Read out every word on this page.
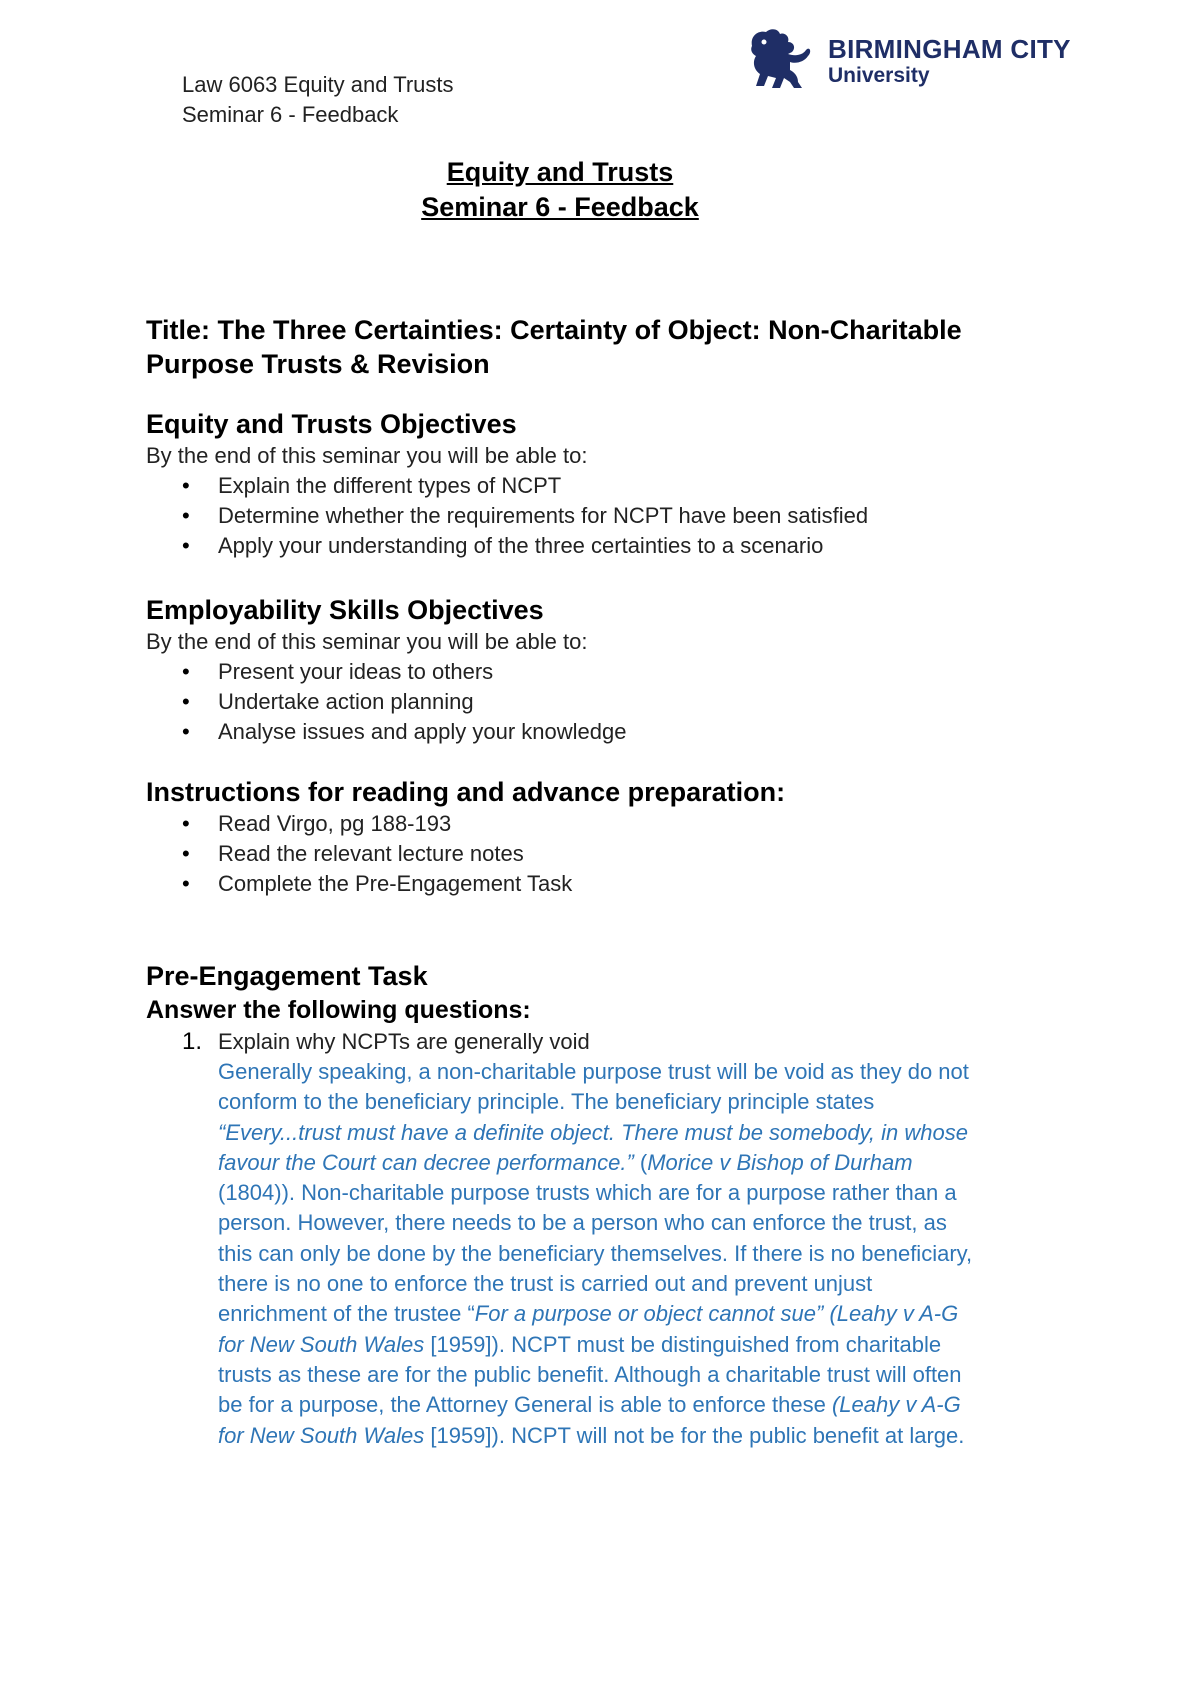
Law 6063 Equity and Trusts
Seminar 6 - Feedback
BIRMINGHAM CITY
University
Equity and Trusts
Seminar 6 - Feedback
Title: The Three Certainties: Certainty of Object: Non-Charitable
Purpose Trusts & Revision
Equity and Trusts Objectives
By the end of this seminar you will be able to:
• Explain the different types of NCPT
• Determine whether the requirements for NCPT have been satisfied
• Apply your understanding of the three certainties to a scenario
Employability Skills Objectives
By the end of this seminar you will be able to:
• Present your ideas to others
• Undertake action planning
• Analyse issues and apply your knowledge
Instructions for reading and advance preparation:
• Read Virgo, pg 188-193
• Read the relevant lecture notes
• Complete the Pre-Engagement Task
Pre-Engagement Task
Answer the following questions:
1. Explain why NCPTs are generally void
Generally speaking, a non-charitable purpose trust will be void as they do not
conform to the beneficiary principle. The beneficiary principle states
“Every...trust must have a definite object. There must be somebody, in whose
favour the Court can decree performance.” (Morice v Bishop of Durham
(1804)). Non-charitable purpose trusts which are for a purpose rather than a
person. However, there needs to be a person who can enforce the trust, as
this can only be done by the beneficiary themselves. If there is no beneficiary,
there is no one to enforce the trust is carried out and prevent unjust
enrichment of the trustee “For a purpose or object cannot sue” (Leahy v A-G
for New South Wales [1959]). NCPT must be distinguished from charitable
trusts as these are for the public benefit. Although a charitable trust will often
be for a purpose, the Attorney General is able to enforce these (Leahy v A-G
for New South Wales [1959]). NCPT will not be for the public benefit at large.
